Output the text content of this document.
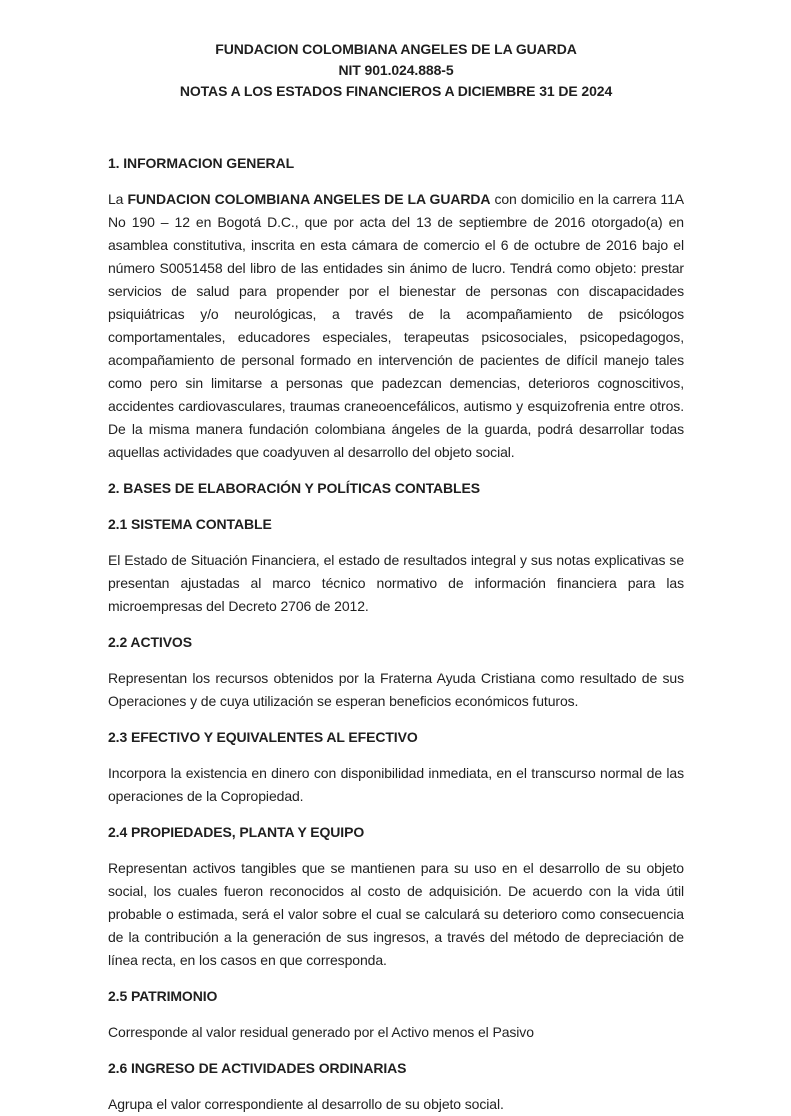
FUNDACION COLOMBIANA ANGELES DE LA GUARDA
NIT 901.024.888-5
NOTAS A LOS ESTADOS FINANCIEROS A DICIEMBRE 31 DE 2024
1. INFORMACION GENERAL

La FUNDACION COLOMBIANA ANGELES DE LA GUARDA con domicilio en la carrera 11A No 190 – 12 en Bogotá D.C., que por acta del 13 de septiembre de 2016 otorgado(a) en asamblea constitutiva, inscrita en esta cámara de comercio el 6 de octubre de 2016 bajo el número S0051458 del libro de las entidades sin ánimo de lucro. Tendrá como objeto: prestar servicios de salud para propender por el bienestar de personas con discapacidades psiquiátricas y/o neurológicas, a través de la acompañamiento de psicólogos comportamentales, educadores especiales, terapeutas psicosociales, psicopedagogos, acompañamiento de personal formado en intervención de pacientes de difícil manejo tales como pero sin limitarse a personas que padezcan demencias, deterioros cognoscitivos, accidentes cardiovasculares, traumas craneoencefálicos, autismo y esquizofrenia entre otros. De la misma manera fundación colombiana ángeles de la guarda, podrá desarrollar todas aquellas actividades que coadyuven al desarrollo del objeto social.

2. BASES DE ELABORACIÓN Y POLÍTICAS CONTABLES
2.1 SISTEMA CONTABLE

El Estado de Situación Financiera, el estado de resultados integral y sus notas explicativas se presentan ajustadas al marco técnico normativo de información financiera para las microempresas del Decreto 2706 de 2012.

2.2 ACTIVOS

Representan los recursos obtenidos por la Fraterna Ayuda Cristiana como resultado de sus Operaciones y de cuya utilización se esperan beneficios económicos futuros.

2.3 EFECTIVO Y EQUIVALENTES AL EFECTIVO

Incorpora la existencia en dinero con disponibilidad inmediata, en el transcurso normal de las operaciones de la Copropiedad.

2.4 PROPIEDADES, PLANTA Y EQUIPO

Representan activos tangibles que se mantienen para su uso en el desarrollo de su objeto social, los cuales fueron reconocidos al costo de adquisición. De acuerdo con la vida útil probable o estimada, será el valor sobre el cual se calculará su deterioro como consecuencia de la contribución a la generación de sus ingresos, a través del método de depreciación de línea recta, en los casos en que corresponda.

2.5 PATRIMONIO

Corresponde al valor residual generado por el Activo menos el Pasivo

2.6 INGRESO DE ACTIVIDADES ORDINARIAS

Agrupa el valor correspondiente al desarrollo de su objeto social.
